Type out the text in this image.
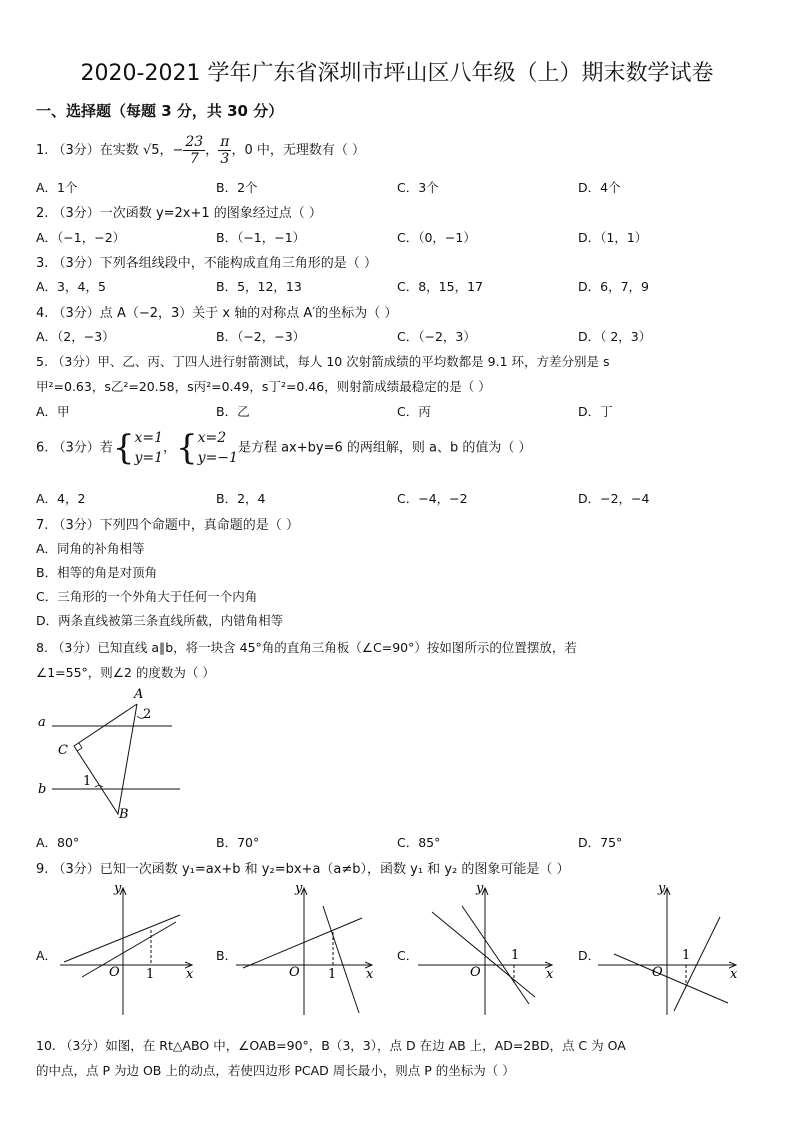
2020-2021 学年广东省深圳市坪山区八年级（上）期末数学试卷
一、选择题（每题 3 分，共 30 分）
1. （3分）在实数 √5，− $\frac{23}{7}$ ， $\frac{\pi}{3}$ ，0 中，无理数有（ ）
A．1个	B．2个	C．3个	D．4个
2. （3分）一次函数 y=2x+1 的图象经过点（ ）
A．（−1，−2）	B．（−1，−1）	C．（0，−1）	D．（1，1）
3. （3分）下列各组线段中，不能构成直角三角形的是（ ）
A．3，4，5	B．5，12，13	C．8，15，17	D．6，7，9
4. （3分）点 A（−2，3）关于 x 轴的对称点 A′的坐标为（ ）
A．（2，−3）	B．（−2，−3）	C．（−2，3）	D．（ 2，3）
5. （3分）甲、乙、丙、丁四人进行射箭测试，每人 10 次射箭成绩的平均数都是 9.1 环，方差分别是 s
甲²=0.63，s乙²=20.58，s丙²=0.49，s丁²=0.46，则射箭成绩最稳定的是（ ）
A．甲	B．乙	C．丙	D．丁
6. （3分）若{x=1
y=1，{x=2
y=−1是方程 ax+by=6 的两组解，则 a、b 的值为（ ）
A．4，2	B．2，4	C．−4，−2	D．−2，−4
7. （3分）下列四个命题中，真命题的是（ ）
A．同角的补角相等
B．相等的角是对顶角
C．三角形的一个外角大于任何一个内角
D．两条直线被第三条直线所截，内错角相等
8. （3分）已知直线 a∥b，将一块含 45°角的直角三角板（∠C=90°）按如图所示的位置摆放，若
∠1=55°，则∠2 的度数为（ ）
A
2
a
C
1
b
B
A．80°	B．70°	C．85°	D．75°
9. （3分）已知一次函数 y₁=ax+b 和 y₂=bx+a（a≠b），函数 y₁ 和 y₂ 的图象可能是（ ）
A．	B．	C．	D．
y
x
O 1
y
x
O 1
y
x
O
1
y
x
O
1
10. （3分）如图，在 Rt△ABO 中，∠OAB=90°，B（3，3），点 D 在边 AB 上，AD=2BD，点 C 为 OA
的中点，点 P 为边 OB 上的动点，若使四边形 PCAD 周长最小，则点 P 的坐标为（ ）
